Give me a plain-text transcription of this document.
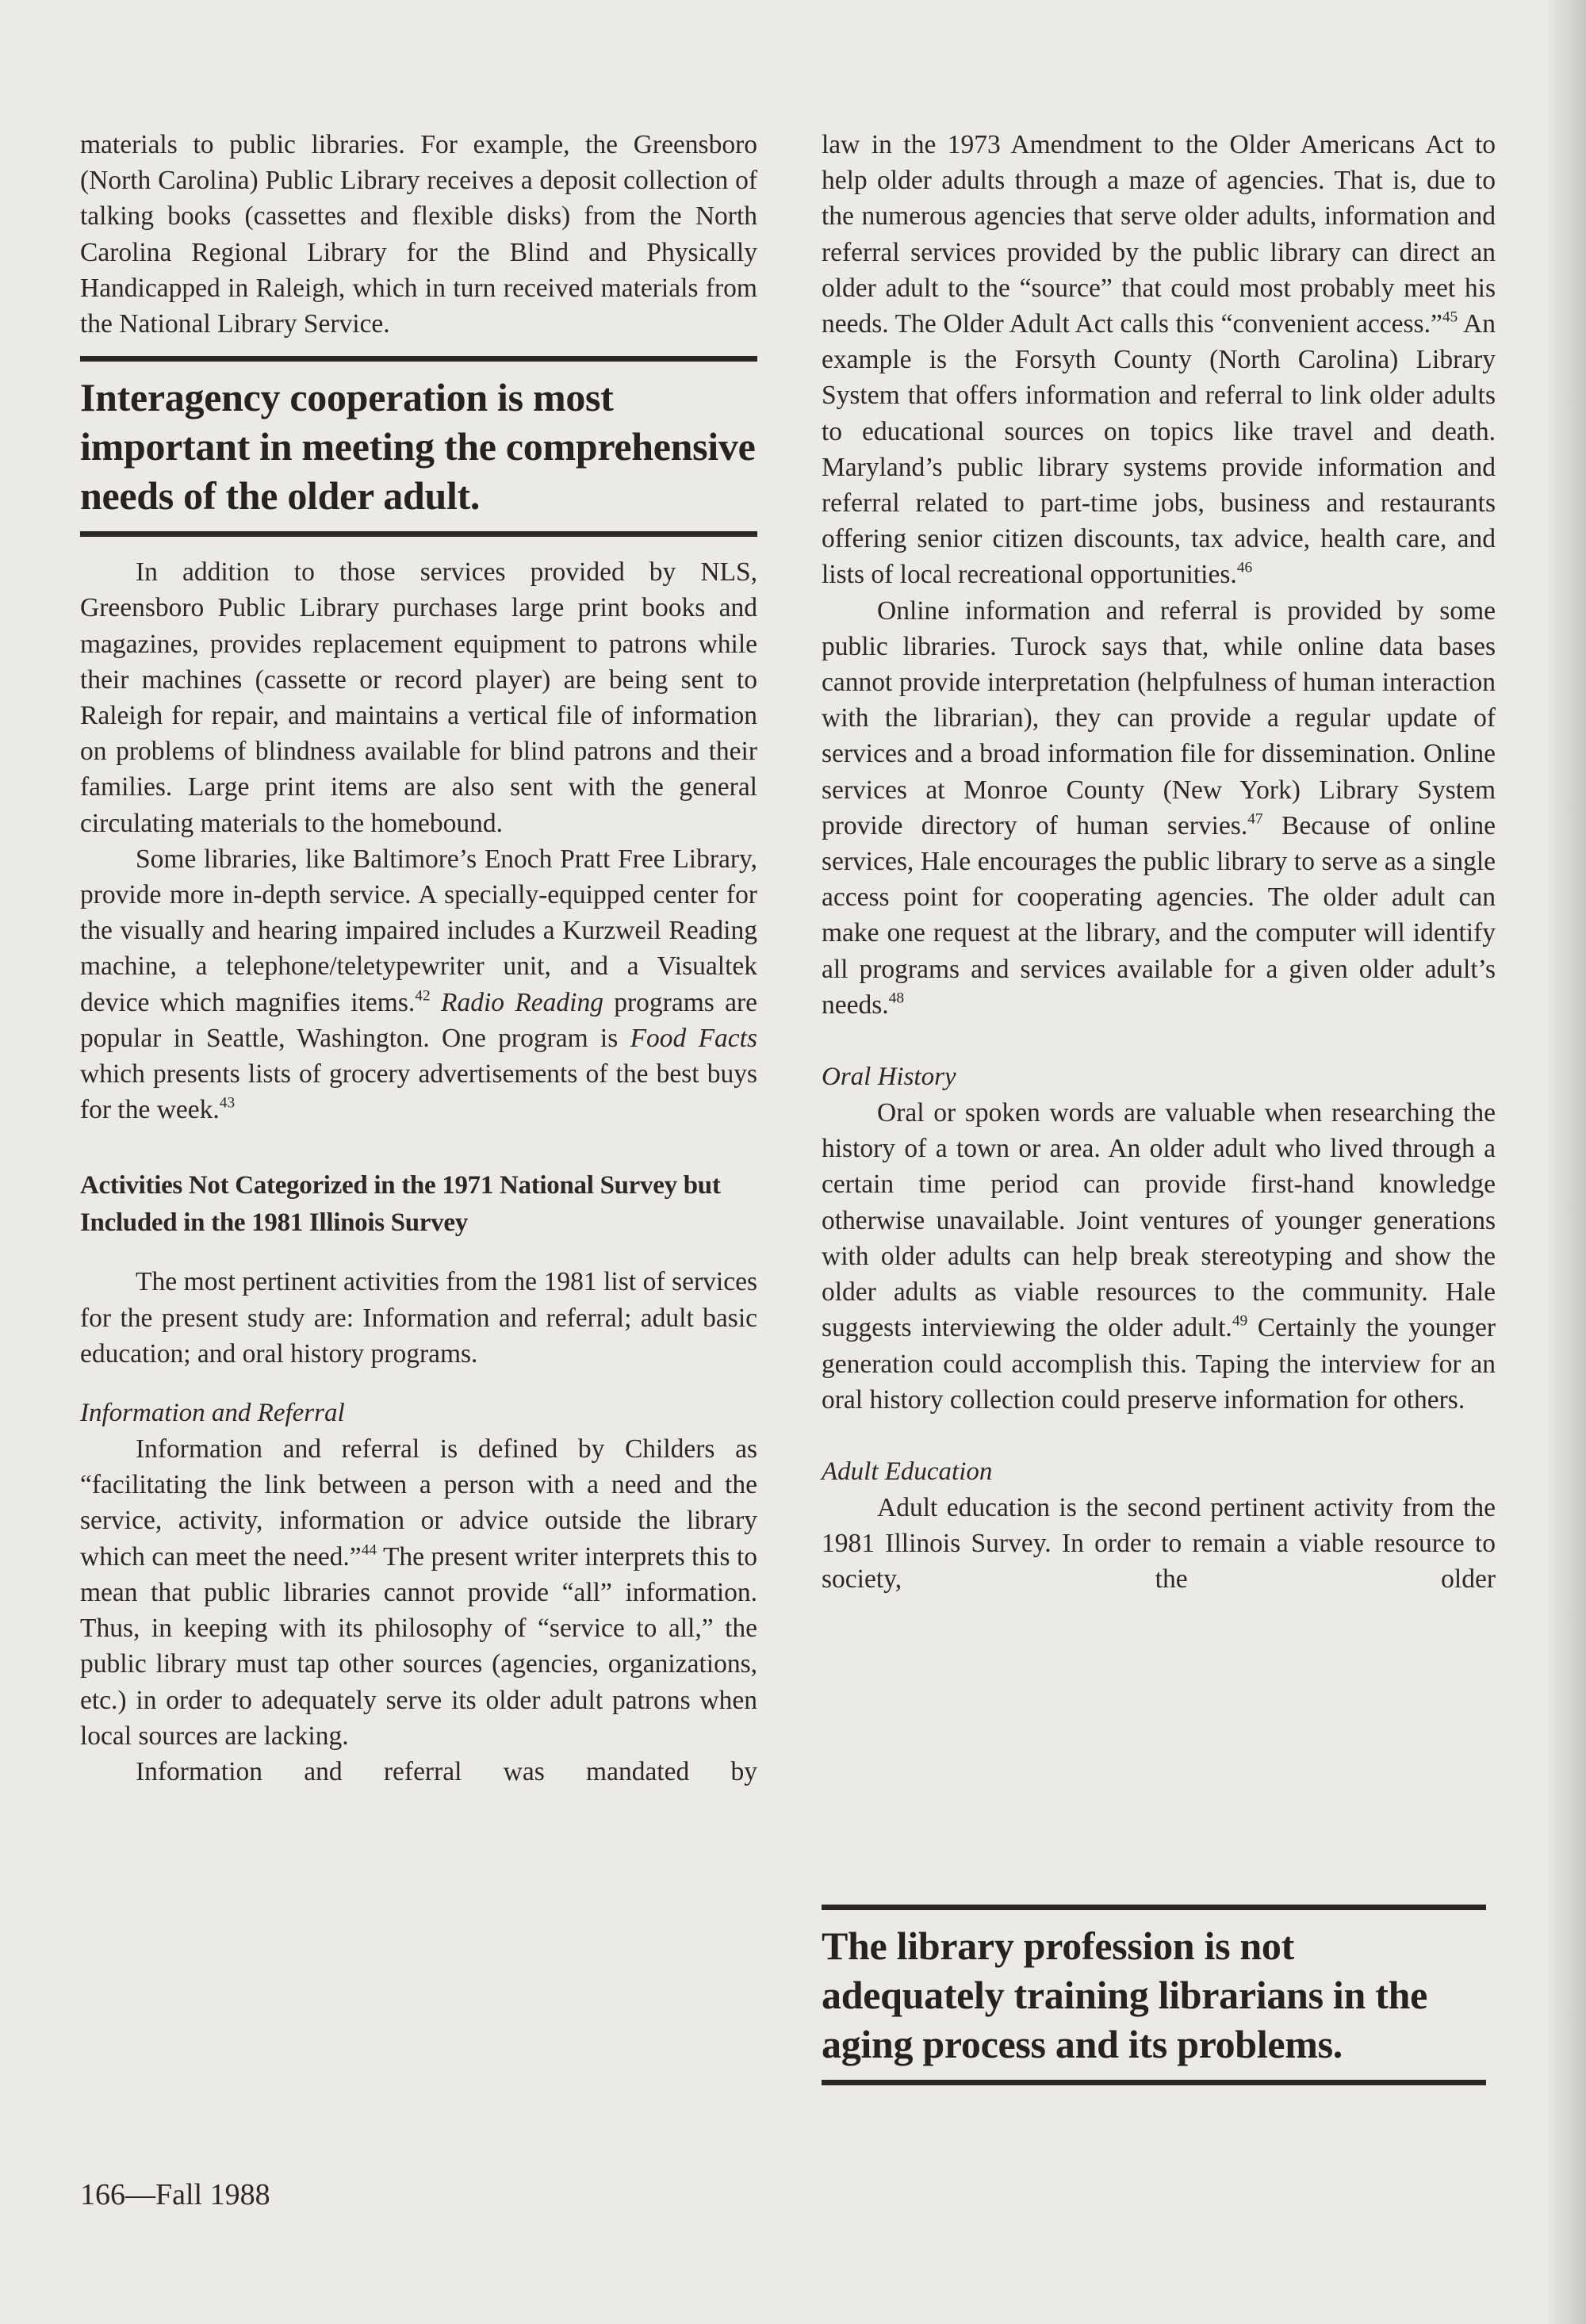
materials to public libraries. For example, the Greensboro (North Carolina) Public Library receives a deposit collection of talking books (cassettes and flexible disks) from the North Carolina Regional Library for the Blind and Physically Handicapped in Raleigh, which in turn received materials from the National Library Service.

Interagency cooperation is most important in meeting the comprehensive needs of the older adult.

In addition to those services provided by NLS, Greensboro Public Library purchases large print books and magazines, provides replacement equipment to patrons while their machines (cassette or record player) are being sent to Raleigh for repair, and maintains a vertical file of information on problems of blindness available for blind patrons and their families. Large print items are also sent with the general circulating materials to the homebound.

Some libraries, like Baltimore’s Enoch Pratt Free Library, provide more in-depth service. A specially-equipped center for the visually and hearing impaired includes a Kurzweil Reading machine, a telephone/teletypewriter unit, and a Visualtek device which magnifies items.$^{42}$ Radio Reading programs are popular in Seattle, Washington. One program is Food Facts which presents lists of grocery advertisements of the best buys for the week.$^{43}$

Activities Not Categorized in the 1971 National Survey but Included in the 1981 Illinois Survey

The most pertinent activities from the 1981 list of services for the present study are: Information and referral; adult basic education; and oral history programs.

Information and Referral

Information and referral is defined by Childers as “facilitating the link between a person with a need and the service, activity, information or advice outside the library which can meet the need.”$^{44}$ The present writer interprets this to mean that public libraries cannot provide “all” information. Thus, in keeping with its philosophy of “service to all,” the public library must tap other sources (agencies, organizations, etc.) in order to adequately serve its older adult patrons when local sources are lacking.

Information and referral was mandated by

law in the 1973 Amendment to the Older Americans Act to help older adults through a maze of agencies. That is, due to the numerous agencies that serve older adults, information and referral services provided by the public library can direct an older adult to the “source” that could most probably meet his needs. The Older Adult Act calls this “convenient access.”$^{45}$ An example is the Forsyth County (North Carolina) Library System that offers information and referral to link older adults to educational sources on topics like travel and death. Maryland’s public library systems provide information and referral related to part-time jobs, business and restaurants offering senior citizen discounts, tax advice, health care, and lists of local recreational opportunities.$^{46}$

Online information and referral is provided by some public libraries. Turock says that, while online data bases cannot provide interpretation (helpfulness of human interaction with the librarian), they can provide a regular update of services and a broad information file for dissemination. Online services at Monroe County (New York) Library System provide directory of human servies.$^{47}$ Because of online services, Hale encourages the public library to serve as a single access point for cooperating agencies. The older adult can make one request at the library, and the computer will identify all programs and services available for a given older adult’s needs.$^{48}$

Oral History

Oral or spoken words are valuable when researching the history of a town or area. An older adult who lived through a certain time period can provide first-hand knowledge otherwise unavailable. Joint ventures of younger generations with older adults can help break stereotyping and show the older adults as viable resources to the community. Hale suggests interviewing the older adult.$^{49}$ Certainly the younger generation could accomplish this. Taping the interview for an oral history collection could preserve information for others.

Adult Education

Adult education is the second pertinent activity from the 1981 Illinois Survey. In order to remain a viable resource to society, the older

The library profession is not adequately training librarians in the aging process and its problems.
166—Fall 1988
